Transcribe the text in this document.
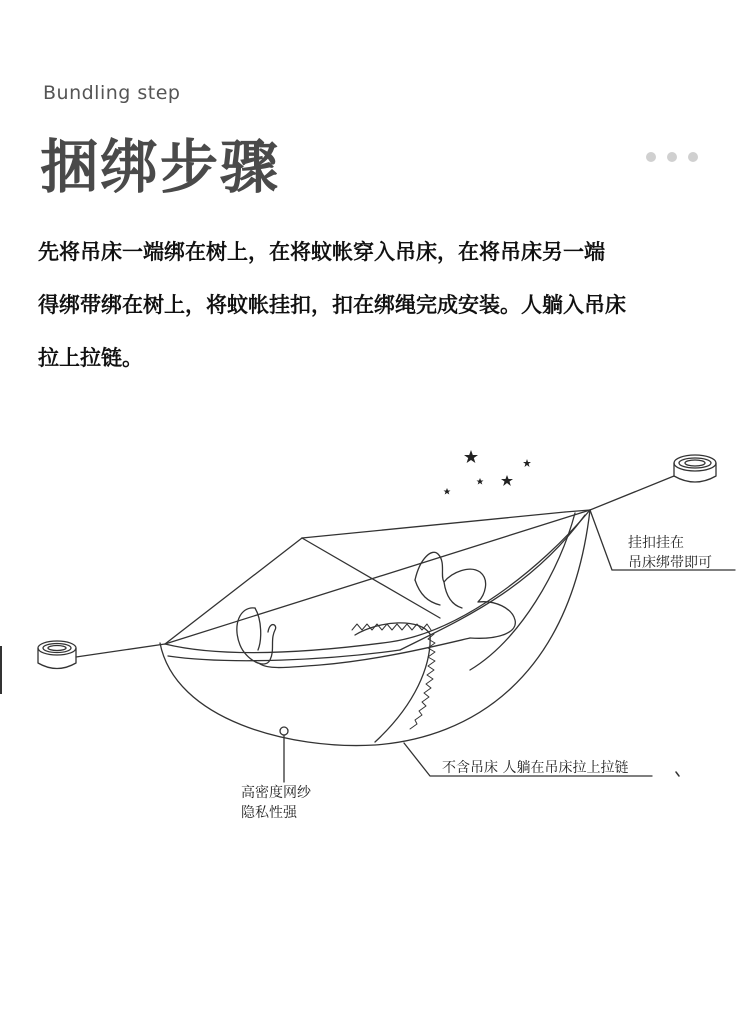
Bundling step
捆绑步骤
先将吊床一端绑在树上，在将蚊帐穿入吊床，在将吊床另一端
得绑带绑在树上，将蚊帐挂扣，扣在绑绳完成安装。人躺入吊床
拉上拉链。
挂扣挂在
吊床绑带即可
不含吊床 人躺在吊床拉上拉链
高密度网纱
隐私性强
